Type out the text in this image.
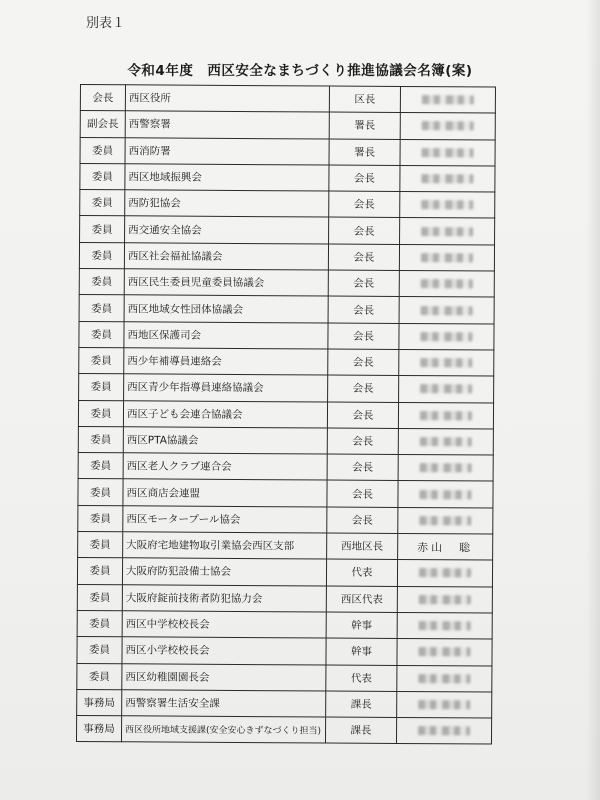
別表１
令和4年度　西区安全なまちづくり推進協議会名簿(案)
会長	西区役所	区長	
副会長	西警察署	署長	
委員	西消防署	署長	
委員	西区地域振興会	会長	
委員	西防犯協会	会長	
委員	西交通安全協会	会長	
委員	西区社会福祉協議会	会長	
委員	西区民生委員児童委員協議会	会長	
委員	西区地域女性団体協議会	会長	
委員	西地区保護司会	会長	
委員	西少年補導員連絡会	会長	
委員	西区青少年指導員連絡協議会	会長	
委員	西区子ども会連合協議会	会長	
委員	西区PTA協議会	会長	
委員	西区老人クラブ連合会	会長	
委員	西区商店会連盟	会長	
委員	西区モータープール協会	会長	
委員	大阪府宅地建物取引業協会西区支部	西地区長	赤山　聡
委員	大阪府防犯設備士協会	代表	
委員	大阪府錠前技術者防犯協力会	西区代表	
委員	西区中学校校長会	幹事	
委員	西区小学校校長会	幹事	
委員	西区幼稚園園長会	代表	
事務局	西警察署生活安全課	課長	
事務局	西区役所地域支援課(安全安心きずなづくり担当)	課長	
